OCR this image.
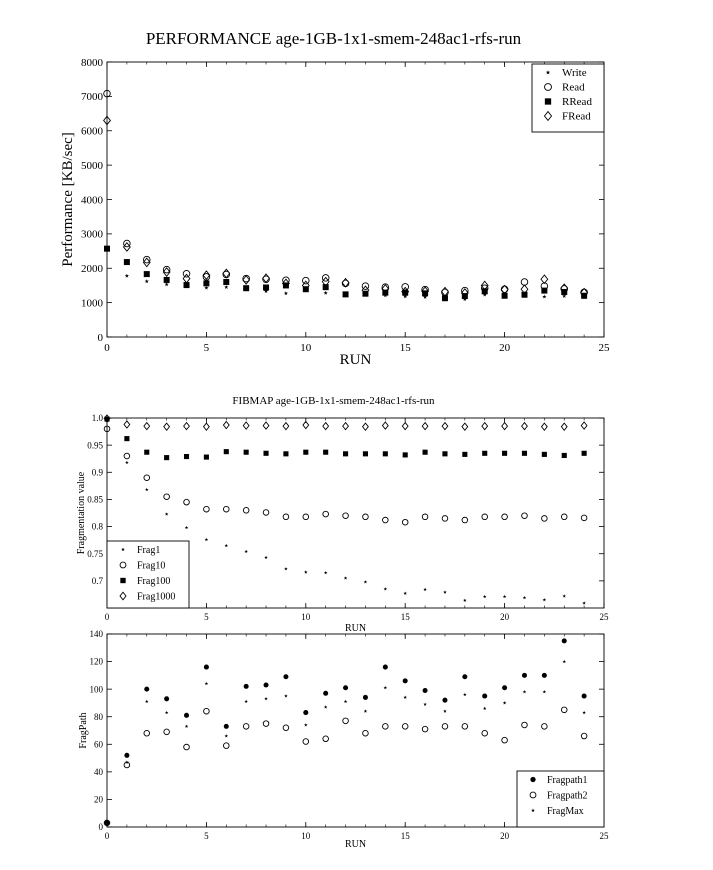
PERFORMANCE age-1GB-1x1-smem-248ac1-rfs-run
0	5	10	15	20	25
0
1000
2000
3000
4000
5000
6000
7000
8000
RUN
Performance [KB/sec]
Write
Read
RRead
FRead
FIBMAP age-1GB-1x1-smem-248ac1-rfs-run
0	5	10	15	20	25
0.7
0.75
0.8
0.85
0.9
0.95
1.0
RUN
Fragmentation value	Frag1
Frag10
Frag100
Frag1000
0	5	10	15	20	25
0
20
40
60
80
100
120
140
RUN
FragPath
Fragpath1
Fragpath2
FragMax
